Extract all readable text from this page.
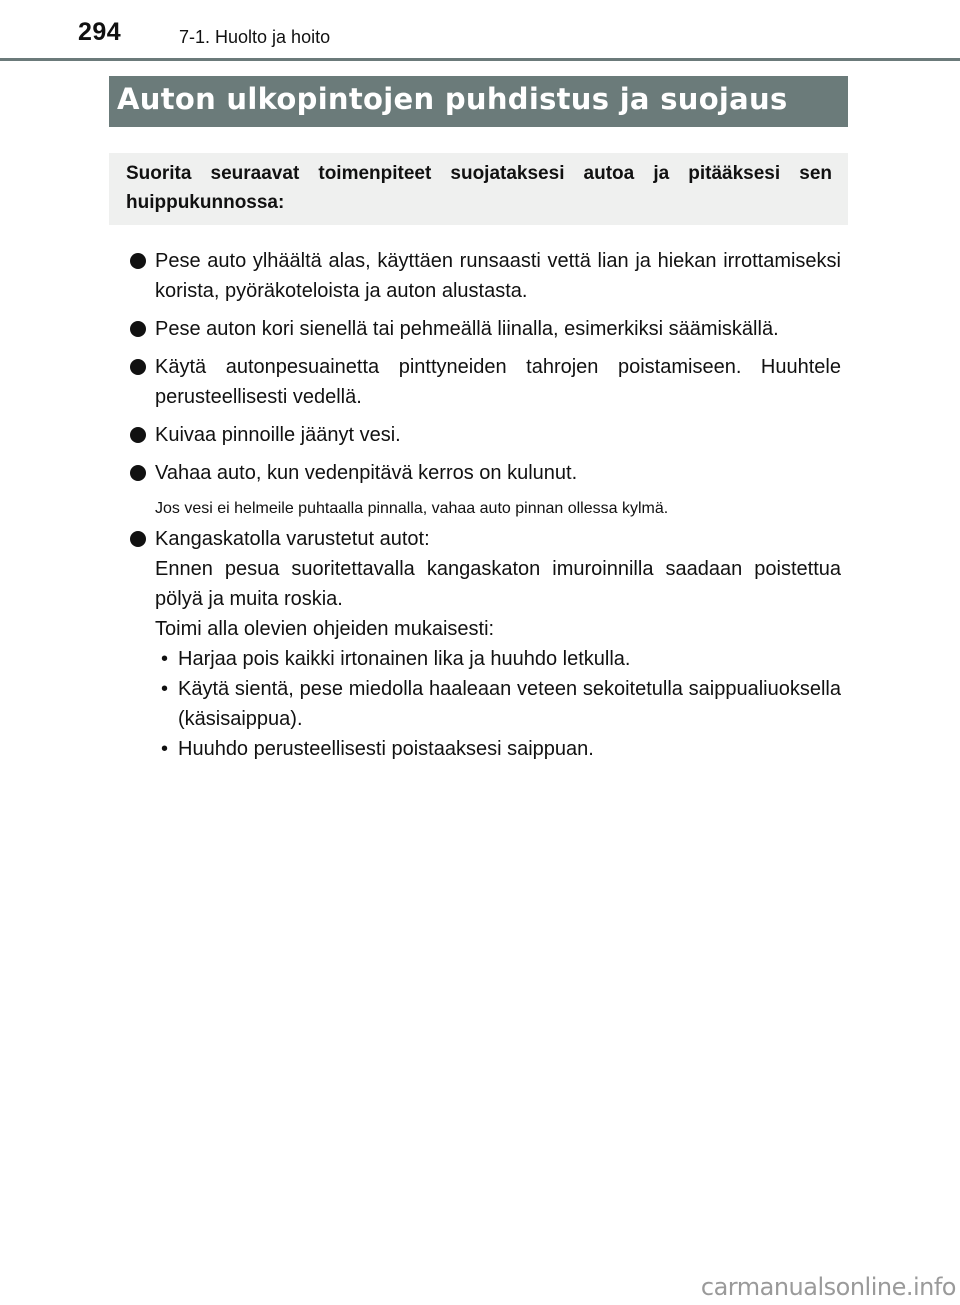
294	7-1. Huolto ja hoito
Auton ulkopintojen puhdistus ja suojaus
Suorita seuraavat toimenpiteet suojataksesi autoa ja pitääksesi sen huippukunnossa:
Pese auto ylhäältä alas, käyttäen runsaasti vettä lian ja hiekan irrottamiseksi korista, pyöräkoteloista ja auton alustasta.
Pese auton kori sienellä tai pehmeällä liinalla, esimerkiksi säämiskällä.
Käytä autonpesuainetta pinttyneiden tahrojen poistamiseen. Huuhtele perusteellisesti vedellä.
Kuivaa pinnoille jäänyt vesi.
Vahaa auto, kun vedenpitävä kerros on kulunut.
Jos vesi ei helmeile puhtaalla pinnalla, vahaa auto pinnan ollessa kylmä.
Kangaskatolla varustetut autot:
Ennen pesua suoritettavalla kangaskaton imuroinnilla saadaan poistettua pölyä ja muita roskia.
Toimi alla olevien ohjeiden mukaisesti:
• Harjaa pois kaikki irtonainen lika ja huuhdo letkulla.
• Käytä sientä, pese miedolla haaleaan veteen sekoitetulla saippualiuoksella (käsisaippua).
• Huuhdo perusteellisesti poistaaksesi saippuan.
carmanualsonline.info
